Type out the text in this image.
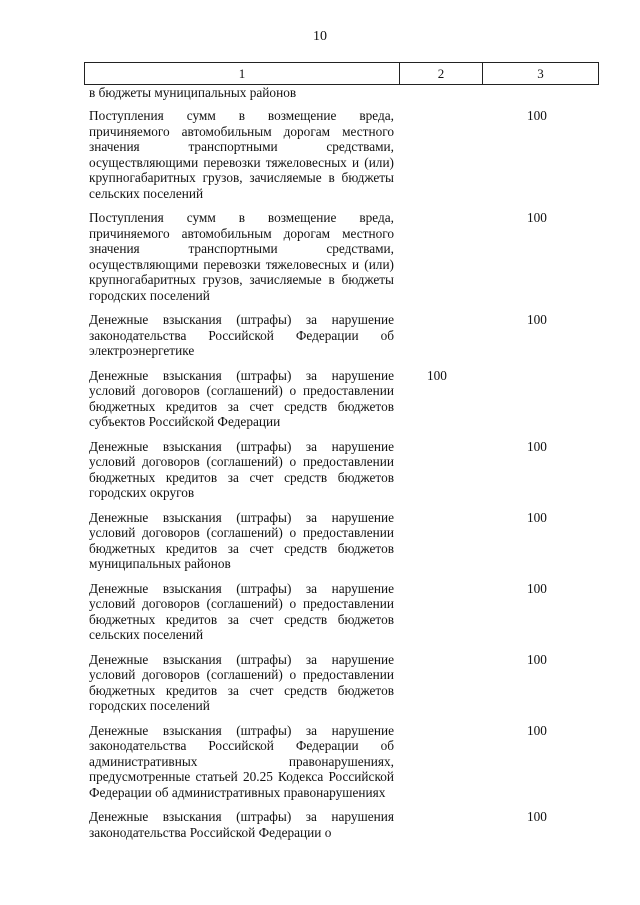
10
1	2	3
в бюджеты муниципальных районов
Поступления сумм в возмещение вреда, причиняемого автомобильным дорогам местного значения транспортными средствами, осуществляющими перевозки тяжеловесных и (или) крупногабаритных грузов, зачисляемые в бюджеты сельских поселений
100
Поступления сумм в возмещение вреда, причиняемого автомобильным дорогам местного значения транспортными средствами, осуществляющими перевозки тяжеловесных и (или) крупногабаритных грузов, зачисляемые в бюджеты городских поселений
100
Денежные взыскания (штрафы) за нарушение законодательства Российской Федерации об электроэнергетике
100
Денежные взыскания (штрафы) за нарушение условий договоров (соглашений) о предоставлении бюджетных кредитов за счет средств бюджетов субъектов Российской Федерации
100
Денежные взыскания (штрафы) за нарушение условий договоров (соглашений) о предоставлении бюджетных кредитов за счет средств бюджетов городских округов
100
Денежные взыскания (штрафы) за нарушение условий договоров (соглашений) о предоставлении бюджетных кредитов за счет средств бюджетов муниципальных районов
100
Денежные взыскания (штрафы) за нарушение условий договоров (соглашений) о предоставлении бюджетных кредитов за счет средств бюджетов сельских поселений
100
Денежные взыскания (штрафы) за нарушение условий договоров (соглашений) о предоставлении бюджетных кредитов за счет средств бюджетов городских поселений
100
Денежные взыскания (штрафы) за нарушение законодательства Российской Федерации об административных правонарушениях, предусмотренные статьей 20.25 Кодекса Российской Федерации об административных правонарушениях
100
Денежные взыскания (штрафы) за нарушения законодательства Российской Федерации о
100
